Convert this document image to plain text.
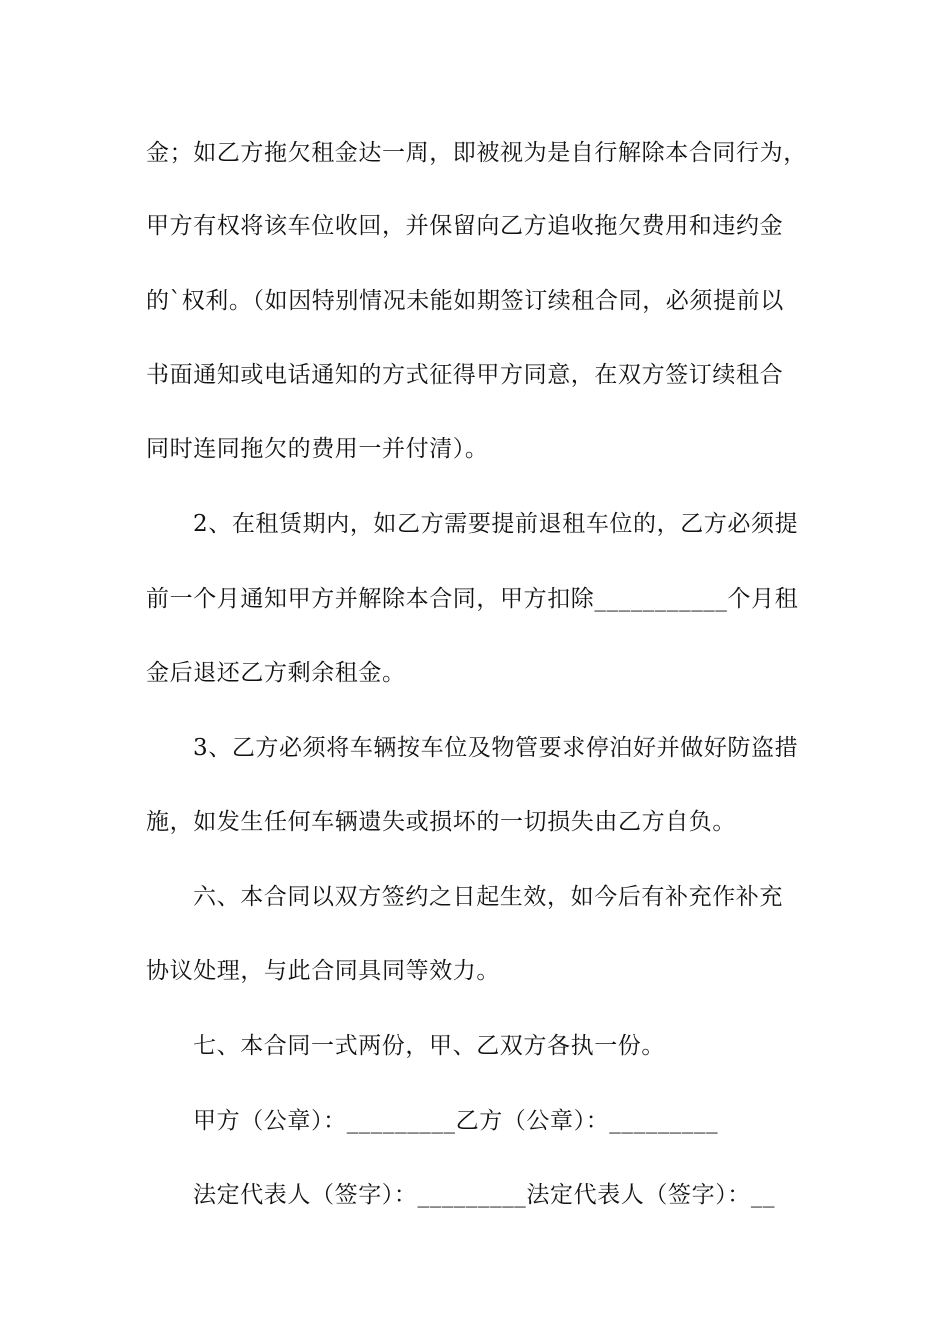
金；如乙方拖欠租金达一周，即被视为是自行解除本合同行为，
甲方有权将该车位收回，并保留向乙方追收拖欠费用和违约金
的`权利。（如因特别情况未能如期签订续租合同，必须提前以
书面通知或电话通知的方式征得甲方同意，在双方签订续租合
同时连同拖欠的费用一并付清）。
2、在租赁期内，如乙方需要提前退租车位的，乙方必须提
前一个月通知甲方并解除本合同，甲方扣除___________个月租
金后退还乙方剩余租金。
3、乙方必须将车辆按车位及物管要求停泊好并做好防盗措
施，如发生任何车辆遗失或损坏的一切损失由乙方自负。
六、本合同以双方签约之日起生效，如今后有补充作补充
协议处理，与此合同具同等效力。
七、本合同一式两份，甲、乙双方各执一份。
甲方（公章）：_________乙方（公章）：_________
法定代表人（签字）：_________法定代表人（签字）：__
